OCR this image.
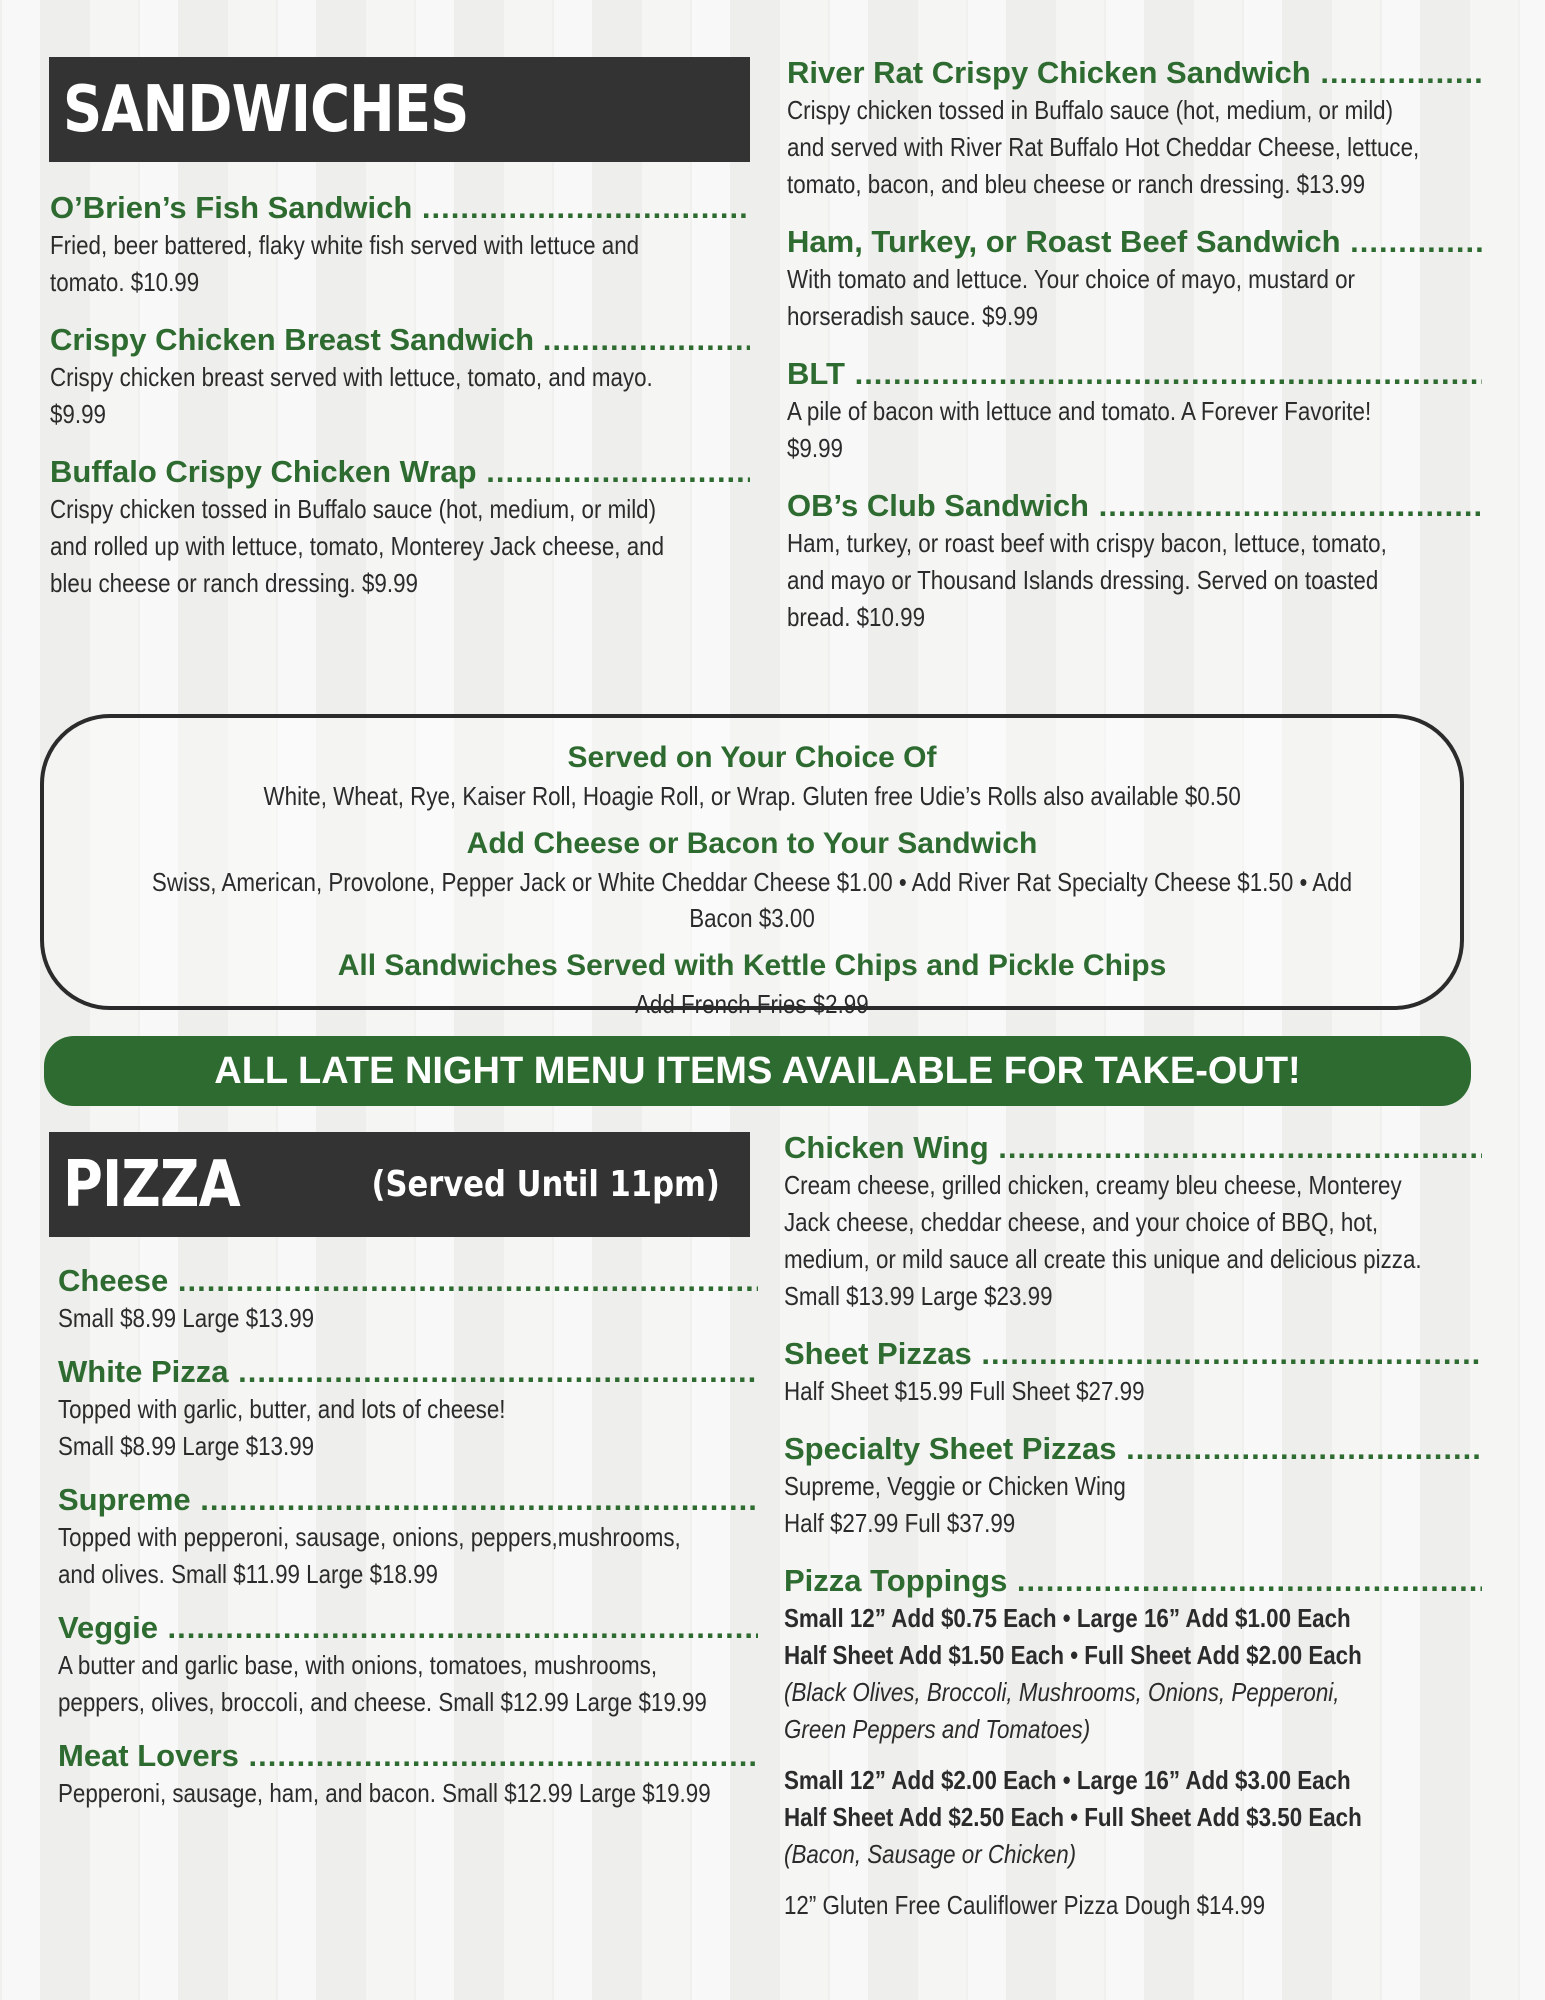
SANDWICHES
O’Brien’s Fish Sandwich .....
Fried, beer battered, flaky white fish served with lettuce and
tomato. $10.99
Crispy Chicken Breast Sandwich .....
Crispy chicken breast served with lettuce, tomato, and mayo.
$9.99
Buffalo Crispy Chicken Wrap .....
Crispy chicken tossed in Buffalo sauce (hot, medium, or mild)
and rolled up with lettuce, tomato, Monterey Jack cheese, and
bleu cheese or ranch dressing. $9.99
River Rat Crispy Chicken Sandwich .....
Crispy chicken tossed in Buffalo sauce (hot, medium, or mild)
and served with River Rat Buffalo Hot Cheddar Cheese, lettuce,
tomato, bacon, and bleu cheese or ranch dressing. $13.99
Ham, Turkey, or Roast Beef Sandwich .....
With tomato and lettuce. Your choice of mayo, mustard or
horseradish sauce. $9.99
BLT .....
A pile of bacon with lettuce and tomato. A Forever Favorite!
$9.99
OB’s Club Sandwich .....
Ham, turkey, or roast beef with crispy bacon, lettuce, tomato,
and mayo or Thousand Islands dressing. Served on toasted
bread. $10.99
Served on Your Choice Of
White, Wheat, Rye, Kaiser Roll, Hoagie Roll, or Wrap. Gluten free Udie’s Rolls also available $0.50
Add Cheese or Bacon to Your Sandwich
Swiss, American, Provolone, Pepper Jack or White Cheddar Cheese $1.00 • Add River Rat Specialty Cheese $1.50 • Add Bacon $3.00
All Sandwiches Served with Kettle Chips and Pickle Chips
Add French Fries $2.99
ALL LATE NIGHT MENU ITEMS AVAILABLE FOR TAKE-OUT!
PIZZA	(Served Until 11pm)
Cheese .....
Small $8.99 Large $13.99
White Pizza .....
Topped with garlic, butter, and lots of cheese!
Small $8.99 Large $13.99
Supreme .....
Topped with pepperoni, sausage, onions, peppers,mushrooms,
and olives. Small $11.99 Large $18.99
Veggie .....
A butter and garlic base, with onions, tomatoes, mushrooms,
peppers, olives, broccoli, and cheese. Small $12.99 Large $19.99
Meat Lovers .....
Pepperoni, sausage, ham, and bacon. Small $12.99 Large $19.99
Chicken Wing .....
Cream cheese, grilled chicken, creamy bleu cheese, Monterey
Jack cheese, cheddar cheese, and your choice of BBQ, hot,
medium, or mild sauce all create this unique and delicious pizza.
Small $13.99 Large $23.99
Sheet Pizzas .....
Half Sheet $15.99 Full Sheet $27.99
Specialty Sheet Pizzas .....
Supreme, Veggie or Chicken Wing
Half $27.99 Full $37.99
Pizza Toppings .....
Small 12” Add $0.75 Each • Large 16” Add $1.00 Each
Half Sheet Add $1.50 Each • Full Sheet Add $2.00 Each
(Black Olives, Broccoli, Mushrooms, Onions, Pepperoni,
Green Peppers and Tomatoes)
Small 12” Add $2.00 Each • Large 16” Add $3.00 Each
Half Sheet Add $2.50 Each • Full Sheet Add $3.50 Each
(Bacon, Sausage or Chicken)
12” Gluten Free Cauliflower Pizza Dough $14.99
